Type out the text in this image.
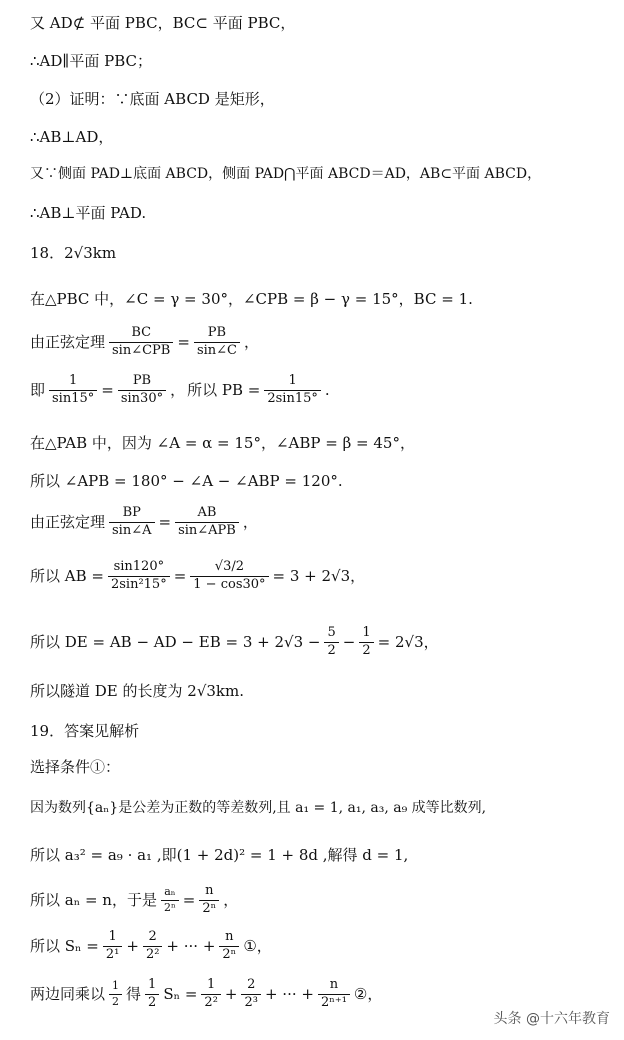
又 AD⊄ 平面 PBC，BC⊂ 平面 PBC，
∴AD∥平面 PBC；
（2）证明：∵底面 ABCD 是矩形，
∴AB⊥AD，
又∵侧面 PAD⊥底面 ABCD，侧面 PAD⋂平面 ABCD＝AD，AB⊂平面 ABCD，
∴AB⊥平面 PAD.
18．2√3km
在△PBC 中，∠C = γ = 30°，∠CPB = β − γ = 15°，BC = 1.
由正弦定理 $\frac{BC}{\text{sin∠CPB}} = \frac{PB}{\sin\angle C}$ ，
即 $\frac{1}{\sin 15^\circ} = \frac{PB}{\sin 30^\circ}$ ， 所以 PB = $\frac{1}{2\sin 15^\circ}$ .
在△PAB 中，因为 ∠A = α = 15°，∠ABP = β = 45°，
所以 ∠APB = 180° − ∠A − ∠ABP = 120°.
由正弦定理 $\frac{BP}{\sin\angle A} = \frac{AB}{\text{sin∠APB}}$ ，
所以 AB = $\frac{\sin 120^\circ}{\text{2sin²15°}} = \frac{√3/2}{1 - \cos 30^\circ} = 3 + 2√3$，
所以 DE = AB − AD − EB = $3 + 2√3 - \frac{5}{2} - \frac{1}{2} = 2√3$，
所以隧道 DE 的长度为 2√3km.
19．答案见解析
选择条件①：
因为数列{aₙ}是公差为正数的等差数列,且 a₁ = 1, a₁, a₃, a₉ 成等比数列,
所以 a₃² = a₉ · a₁ ,即(1 + 2d)² = 1 + 8d ,解得 d = 1,
所以 aₙ = n，于是 $\frac{\text{aₙ}}{\text{2ⁿ}} = \frac{n}{\text{2ⁿ}}$ ，
所以 $S_n = \frac{1}{\text{2¹}} + \frac{2}{\text{2²}}$ + ··· + $\frac{n}{\text{2ⁿ}}$ ①，
两边同乘以 $\frac{1}{2}$ 得 $\frac{1}{2}$ $S_n = \frac{1}{\text{2²}} + \frac{2}{\text{2³}}$ + ··· + $\frac{n}{\text{2ⁿ⁺¹}}$ ②，
头条 @十六年教育
